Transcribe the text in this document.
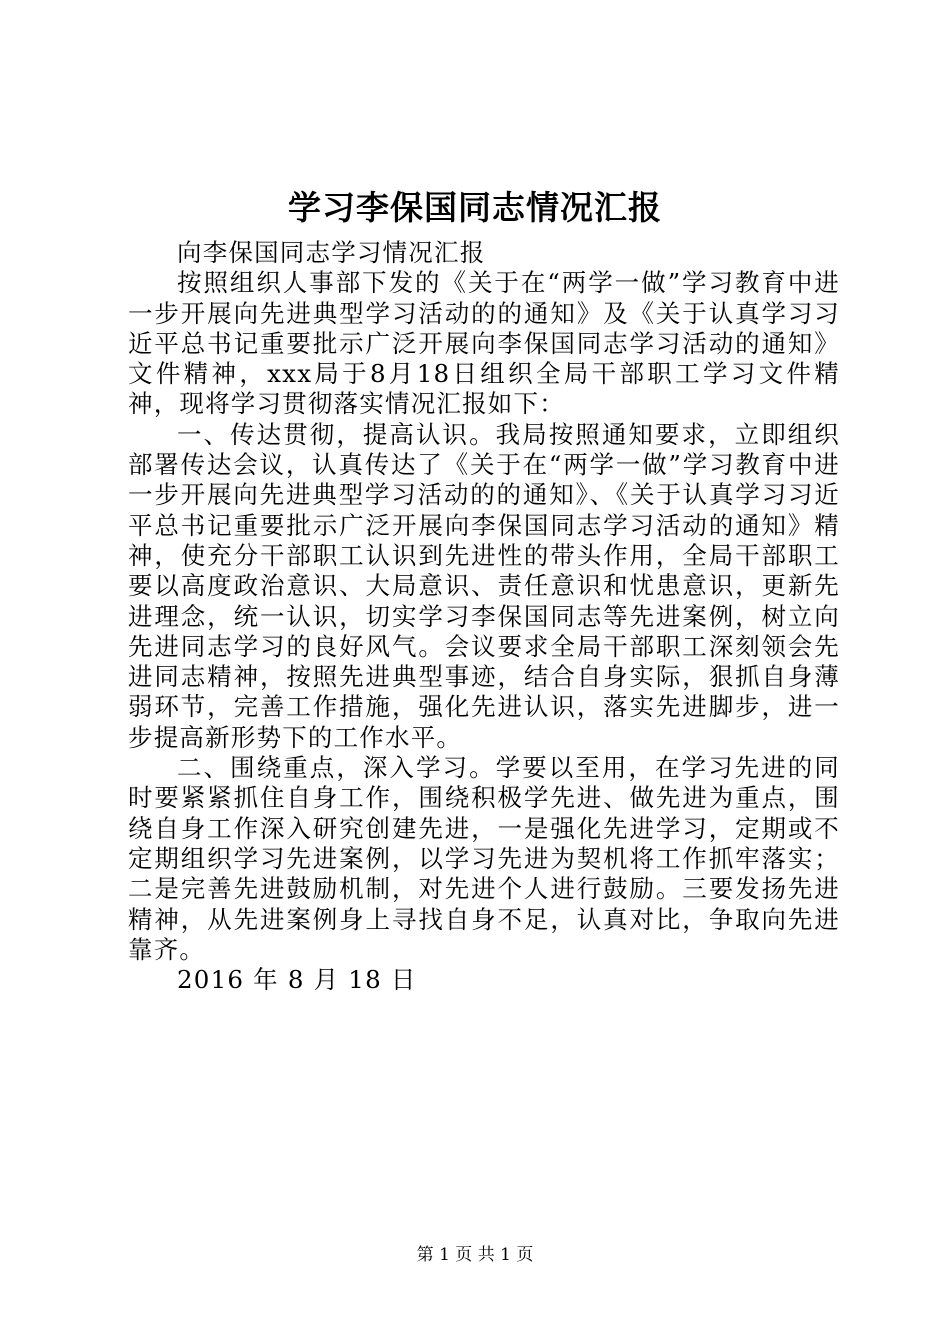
学习李保国同志情况汇报

向李保国同志学习情况汇报

按照组织人事部下发的《关于在“两学一做”学习教育中进一步开展向先进典型学习活动的的通知》及《关于认真学习习近平总书记重要批示广泛开展向李保国同志学习活动的通知》文件精神，xxx局于8月18日组织全局干部职工学习文件精神，现将学习贯彻落实情况汇报如下：

一、传达贯彻，提高认识。我局按照通知要求，立即组织部署传达会议，认真传达了《关于在“两学一做”学习教育中进一步开展向先进典型学习活动的的通知》、《关于认真学习习近平总书记重要批示广泛开展向李保国同志学习活动的通知》精神，使充分干部职工认识到先进性的带头作用，全局干部职工要以高度政治意识、大局意识、责任意识和忧患意识，更新先进理念，统一认识，切实学习李保国同志等先进案例，树立向先进同志学习的良好风气。会议要求全局干部职工深刻领会先进同志精神，按照先进典型事迹，结合自身实际，狠抓自身薄弱环节，完善工作措施，强化先进认识，落实先进脚步，进一步提高新形势下的工作水平。

二、围绕重点，深入学习。学要以至用，在学习先进的同时要紧紧抓住自身工作，围绕积极学先进、做先进为重点，围绕自身工作深入研究创建先进，一是强化先进学习，定期或不定期组织学习先进案例，以学习先进为契机将工作抓牢落实；二是完善先进鼓励机制，对先进个人进行鼓励。三要发扬先进精神，从先进案例身上寻找自身不足，认真对比，争取向先进靠齐。

2016 年 8 月 18 日

第 1 页 共 1 页
